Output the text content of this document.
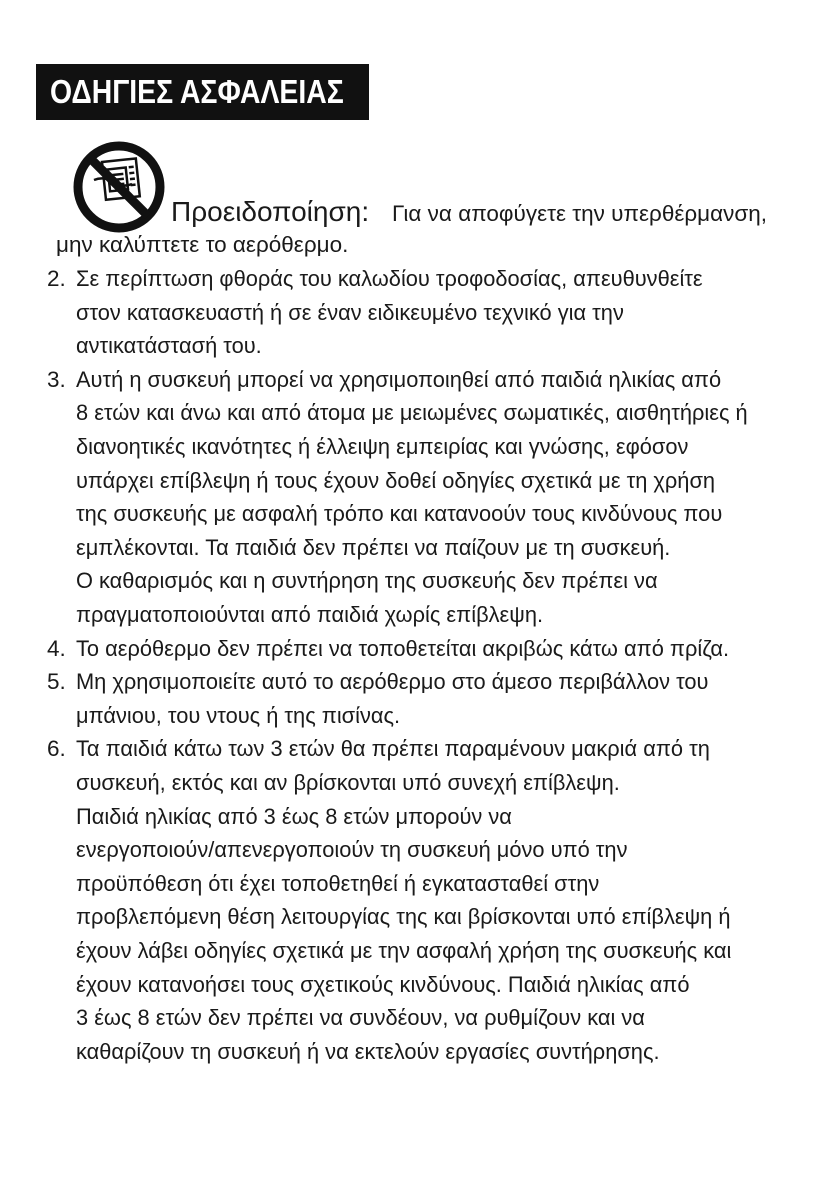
ΟΔΗΓΙΕΣ ΑΣΦΑΛΕΙΑΣ
Προειδοποίηση: Για να αποφύγετε την υπερθέρμανση,
μην καλύπτετε το αερόθερμο.
2. Σε περίπτωση φθοράς του καλωδίου τροφοδοσίας, απευθυνθείτε
στον κατασκευαστή ή σε έναν ειδικευμένο τεχνικό για την
αντικατάστασή του.
3. Αυτή η συσκευή μπορεί να χρησιμοποιηθεί από παιδιά ηλικίας από
8 ετών και άνω και από άτομα με μειωμένες σωματικές, αισθητήριες ή
διανοητικές ικανότητες ή έλλειψη εμπειρίας και γνώσης, εφόσον
υπάρχει επίβλεψη ή τους έχουν δοθεί οδηγίες σχετικά με τη χρήση
της συσκευής με ασφαλή τρόπο και κατανοούν τους κινδύνους που
εμπλέκονται. Τα παιδιά δεν πρέπει να παίζουν με τη συσκευή.
Ο καθαρισμός και η συντήρηση της συσκευής δεν πρέπει να
πραγματοποιούνται από παιδιά χωρίς επίβλεψη.
4. Το αερόθερμο δεν πρέπει να τοποθετείται ακριβώς κάτω από πρίζα.
5. Μη χρησιμοποιείτε αυτό το αερόθερμο στο άμεσο περιβάλλον του
μπάνιου, του ντους ή της πισίνας.
6. Τα παιδιά κάτω των 3 ετών θα πρέπει παραμένουν μακριά από τη
συσκευή, εκτός και αν βρίσκονται υπό συνεχή επίβλεψη.
Παιδιά ηλικίας από 3 έως 8 ετών μπορούν να
ενεργοποιούν/απενεργοποιούν τη συσκευή μόνο υπό την
προϋπόθεση ότι έχει τοποθετηθεί ή εγκατασταθεί στην
προβλεπόμενη θέση λειτουργίας της και βρίσκονται υπό επίβλεψη ή
έχουν λάβει οδηγίες σχετικά με την ασφαλή χρήση της συσκευής και
έχουν κατανοήσει τους σχετικούς κινδύνους. Παιδιά ηλικίας από
3 έως 8 ετών δεν πρέπει να συνδέουν, να ρυθμίζουν και να
καθαρίζουν τη συσκευή ή να εκτελούν εργασίες συντήρησης.
